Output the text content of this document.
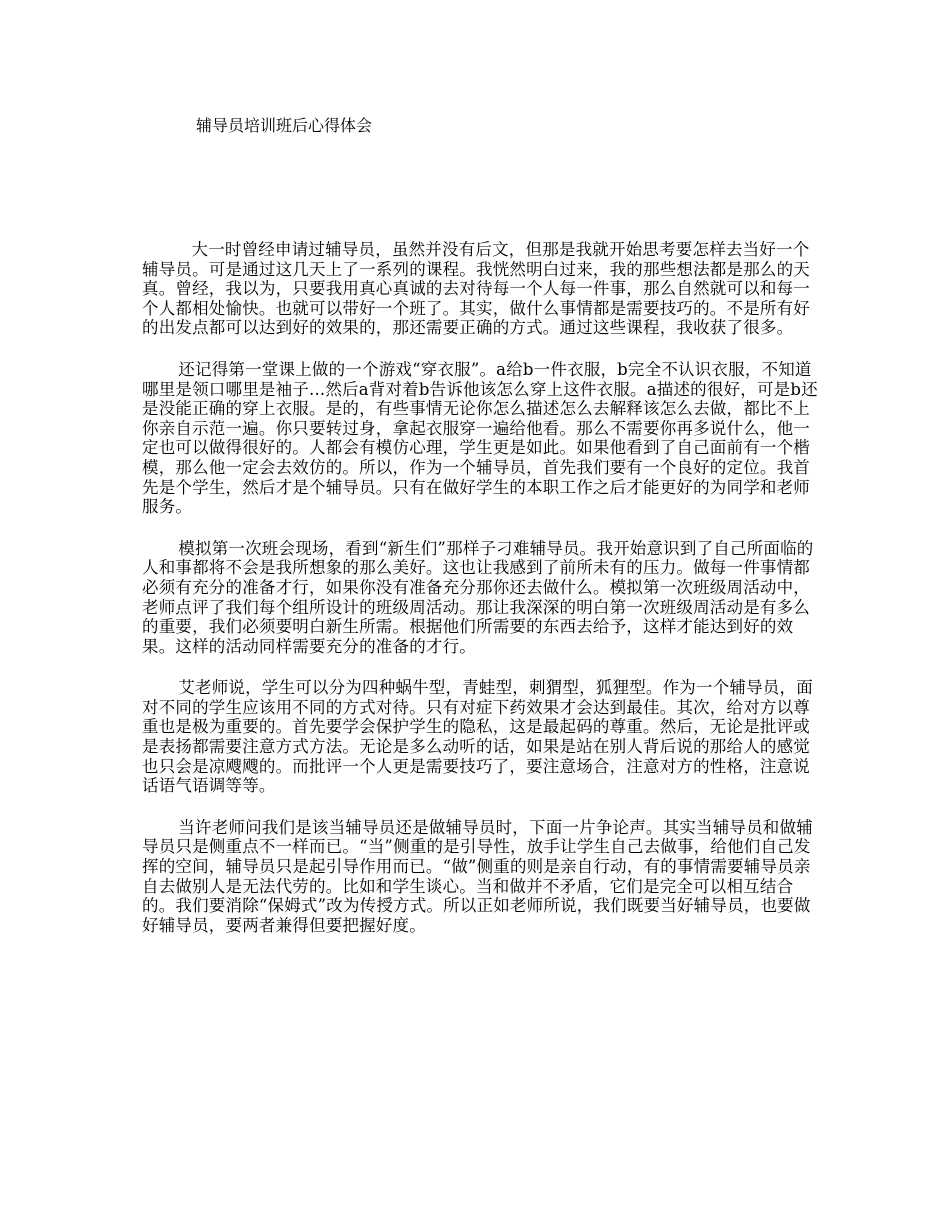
辅导员培训班后心得体会

大一时曾经申请过辅导员，虽然并没有后文，但那是我就开始思考要怎样去当好一个辅导员。可是通过这几天上了一系列的课程。我恍然明白过来，我的那些想法都是那么的天真。曾经，我以为，只要我用真心真诚的去对待每一个人每一件事，那么自然就可以和每一个人都相处愉快。也就可以带好一个班了。其实，做什么事情都是需要技巧的。不是所有好的出发点都可以达到好的效果的，那还需要正确的方式。通过这些课程，我收获了很多。

还记得第一堂课上做的一个游戏“穿衣服”。a给b一件衣服，b完全不认识衣服，不知道哪里是领口哪里是袖子...然后a背对着b告诉他该怎么穿上这件衣服。a描述的很好，可是b还是没能正确的穿上衣服。是的，有些事情无论你怎么描述怎么去解释该怎么去做，都比不上你亲自示范一遍。你只要转过身，拿起衣服穿一遍给他看。那么不需要你再多说什么，他一定也可以做得很好的。人都会有模仿心理，学生更是如此。如果他看到了自己面前有一个楷模，那么他一定会去效仿的。所以，作为一个辅导员，首先我们要有一个良好的定位。我首先是个学生，然后才是个辅导员。只有在做好学生的本职工作之后才能更好的为同学和老师服务。

模拟第一次班会现场，看到“新生们”那样子刁难辅导员。我开始意识到了自己所面临的人和事都将不会是我所想象的那么美好。这也让我感到了前所未有的压力。做每一件事情都必须有充分的准备才行，如果你没有准备充分那你还去做什么。模拟第一次班级周活动中，老师点评了我们每个组所设计的班级周活动。那让我深深的明白第一次班级周活动是有多么的重要，我们必须要明白新生所需。根据他们所需要的东西去给予，这样才能达到好的效果。这样的活动同样需要充分的准备的才行。

艾老师说，学生可以分为四种蜗牛型，青蛙型，刺猬型，狐狸型。作为一个辅导员，面对不同的学生应该用不同的方式对待。只有对症下药效果才会达到最佳。其次，给对方以尊重也是极为重要的。首先要学会保护学生的隐私，这是最起码的尊重。然后，无论是批评或是表扬都需要注意方式方法。无论是多么动听的话，如果是站在别人背后说的那给人的感觉也只会是凉飕飕的。而批评一个人更是需要技巧了，要注意场合，注意对方的性格，注意说话语气语调等等。

当许老师问我们是该当辅导员还是做辅导员时，下面一片争论声。其实当辅导员和做辅导员只是侧重点不一样而已。“当”侧重的是引导性，放手让学生自己去做事，给他们自己发挥的空间，辅导员只是起引导作用而已。“做”侧重的则是亲自行动，有的事情需要辅导员亲自去做别人是无法代劳的。比如和学生谈心。当和做并不矛盾，它们是完全可以相互结合的。我们要消除“保姆式”改为传授方式。所以正如老师所说，我们既要当好辅导员，也要做好辅导员，要两者兼得但要把握好度。
